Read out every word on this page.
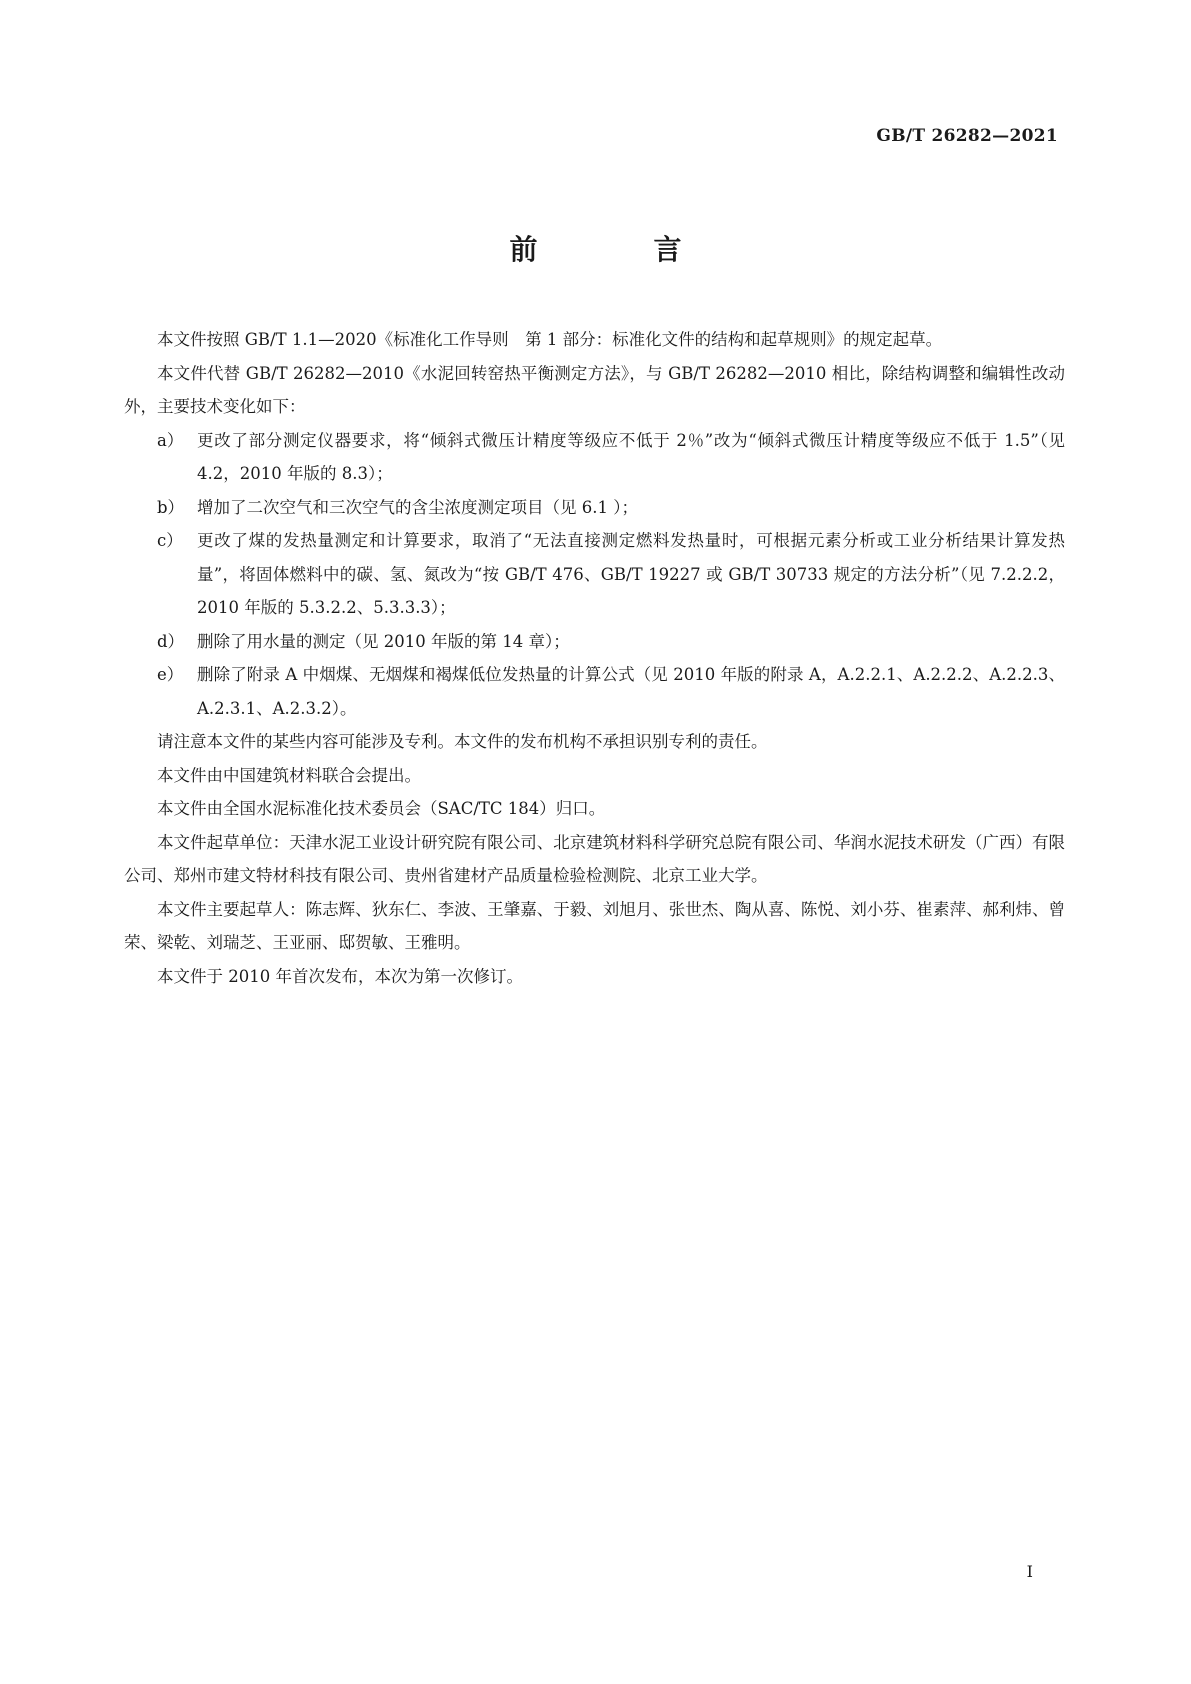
GB/T 26282—2021
前　言

本文件按照 GB/T 1.1—2020《标准化工作导则　第 1 部分：标准化文件的结构和起草规则》的规定起草。

本文件代替 GB/T 26282—2010《水泥回转窑热平衡测定方法》，与 GB/T 26282—2010 相比，除结构调整和编辑性改动外，主要技术变化如下：

a） 更改了部分测定仪器要求，将“倾斜式微压计精度等级应不低于 2％”改为“倾斜式微压计精度等级应不低于 1.5”（见 4.2，2010 年版的 8.3）；
b） 增加了二次空气和三次空气的含尘浓度测定项目（见 6.1 ）；
c） 更改了煤的发热量测定和计算要求，取消了“无法直接测定燃料发热量时，可根据元素分析或工业分析结果计算发热量”，将固体燃料中的碳、氢、氮改为“按 GB/T 476、GB/T 19227 或 GB/T 30733 规定的方法分析”（见 7.2.2.2，2010 年版的 5.3.2.2、5.3.3.3）；
d） 删除了用水量的测定（见 2010 年版的第 14 章）；
e） 删除了附录 A 中烟煤、无烟煤和褐煤低位发热量的计算公式（见 2010 年版的附录 A，A.2.2.1、A.2.2.2、A.2.2.3、A.2.3.1、A.2.3.2）。

请注意本文件的某些内容可能涉及专利。本文件的发布机构不承担识别专利的责任。

本文件由中国建筑材料联合会提出。

本文件由全国水泥标准化技术委员会（SAC/TC 184）归口。

本文件起草单位：天津水泥工业设计研究院有限公司、北京建筑材料科学研究总院有限公司、华润水泥技术研发（广西）有限公司、郑州市建文特材科技有限公司、贵州省建材产品质量检验检测院、北京工业大学。

本文件主要起草人：陈志辉、狄东仁、李波、王肇嘉、于毅、刘旭月、张世杰、陶从喜、陈悦、刘小芬、崔素萍、郝利炜、曾荣、梁乾、刘瑞芝、王亚丽、邸贺敏、王雅明。

本文件于 2010 年首次发布，本次为第一次修订。

I
